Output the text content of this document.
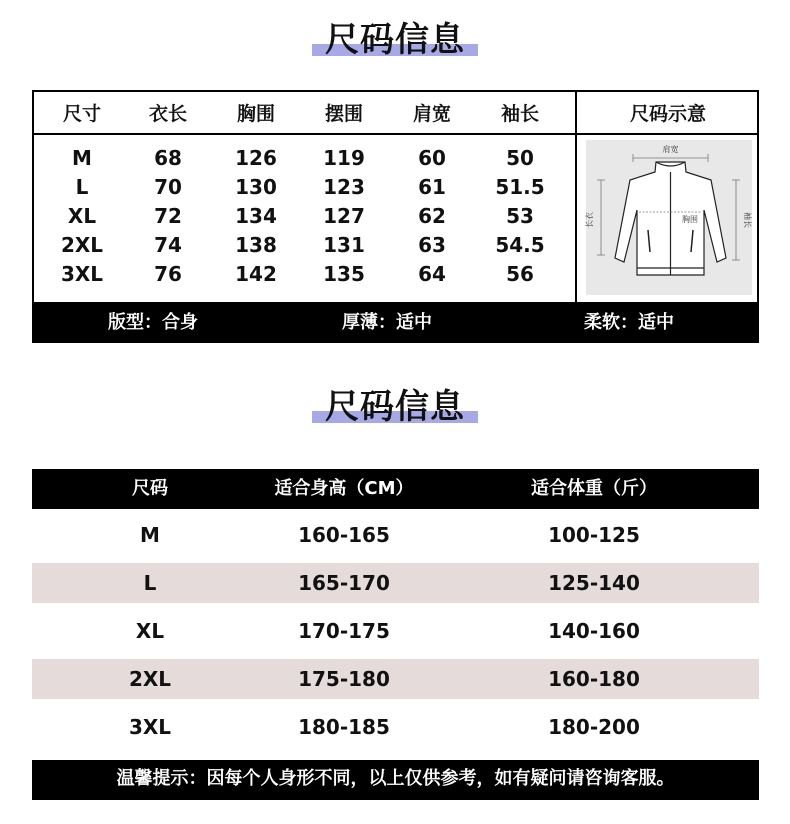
尺码信息
尺寸	衣长	胸围	摆围	肩宽	袖长
M	68	126	119	60	50
L	70	130	123	61	51.5
XL	72	134	127	62	53
2XL	74	138	131	63	54.5
3XL	76	142	135	64	56
尺码示意
肩宽
长衣	袖长
胸围
版型：合身	厚薄：适中	柔软：适中
尺码信息
尺码	适合身高（CM）	适合体重（斤）
M	160-165	100-125
L	165-170	125-140
XL	170-175	140-160
2XL	175-180	160-180
3XL	180-185	180-200
温馨提示：因每个人身形不同，以上仅供参考，如有疑问请咨询客服。
